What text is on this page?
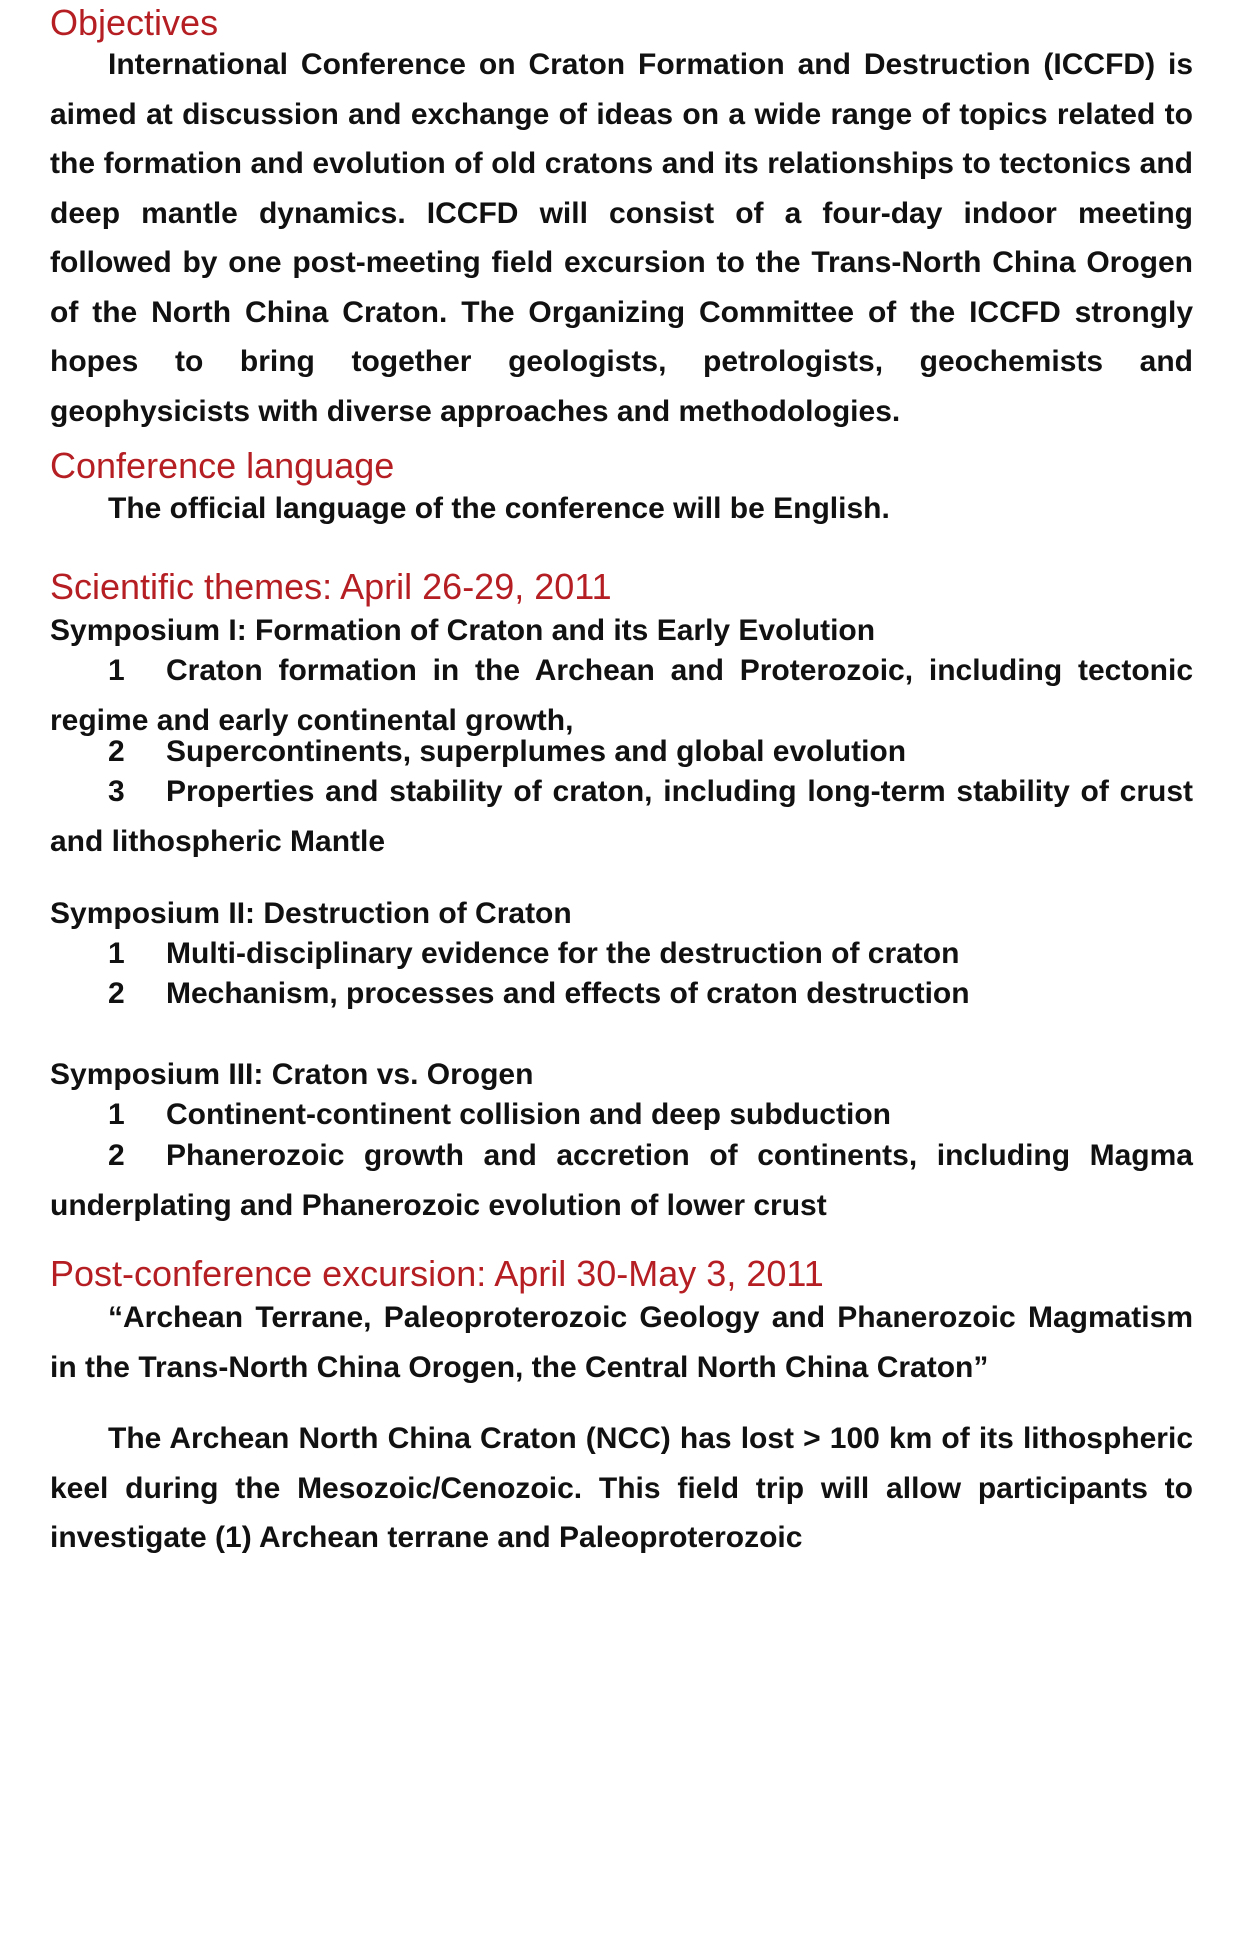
Objectives

International Conference on Craton Formation and Destruction (ICCFD) is aimed at discussion and exchange of ideas on a wide range of topics related to the formation and evolution of old cratons and its relationships to tectonics and deep mantle dynamics. ICCFD will consist of a four-day indoor meeting followed by one post-meeting field excursion to the Trans-North China Orogen of the North China Craton. The Organizing Committee of the ICCFD strongly hopes to bring together geologists, petrologists, geochemists and geophysicists with diverse approaches and methodologies.

Conference language

The official language of the conference will be English.

Scientific themes: April 26-29, 2011

Symposium I: Formation of Craton and its Early Evolution

1 Craton formation in the Archean and Proterozoic, including tectonic regime and early continental growth,

2 Supercontinents, superplumes and global evolution

3 Properties and stability of craton, including long-term stability of crust and lithospheric Mantle

Symposium II: Destruction of Craton

1 Multi-disciplinary evidence for the destruction of craton

2 Mechanism, processes and effects of craton destruction

Symposium III: Craton vs. Orogen

1 Continent-continent collision and deep subduction

2 Phanerozoic growth and accretion of continents, including Magma underplating and Phanerozoic evolution of lower crust

Post-conference excursion: April 30-May 3, 2011

“Archean Terrane, Paleoproterozoic Geology and Phanerozoic Magmatism in the Trans-North China Orogen, the Central North China Craton”

The Archean North China Craton (NCC) has lost > 100 km of its lithospheric keel during the Mesozoic/Cenozoic. This field trip will allow participants to investigate (1) Archean terrane and Paleoproterozoic
